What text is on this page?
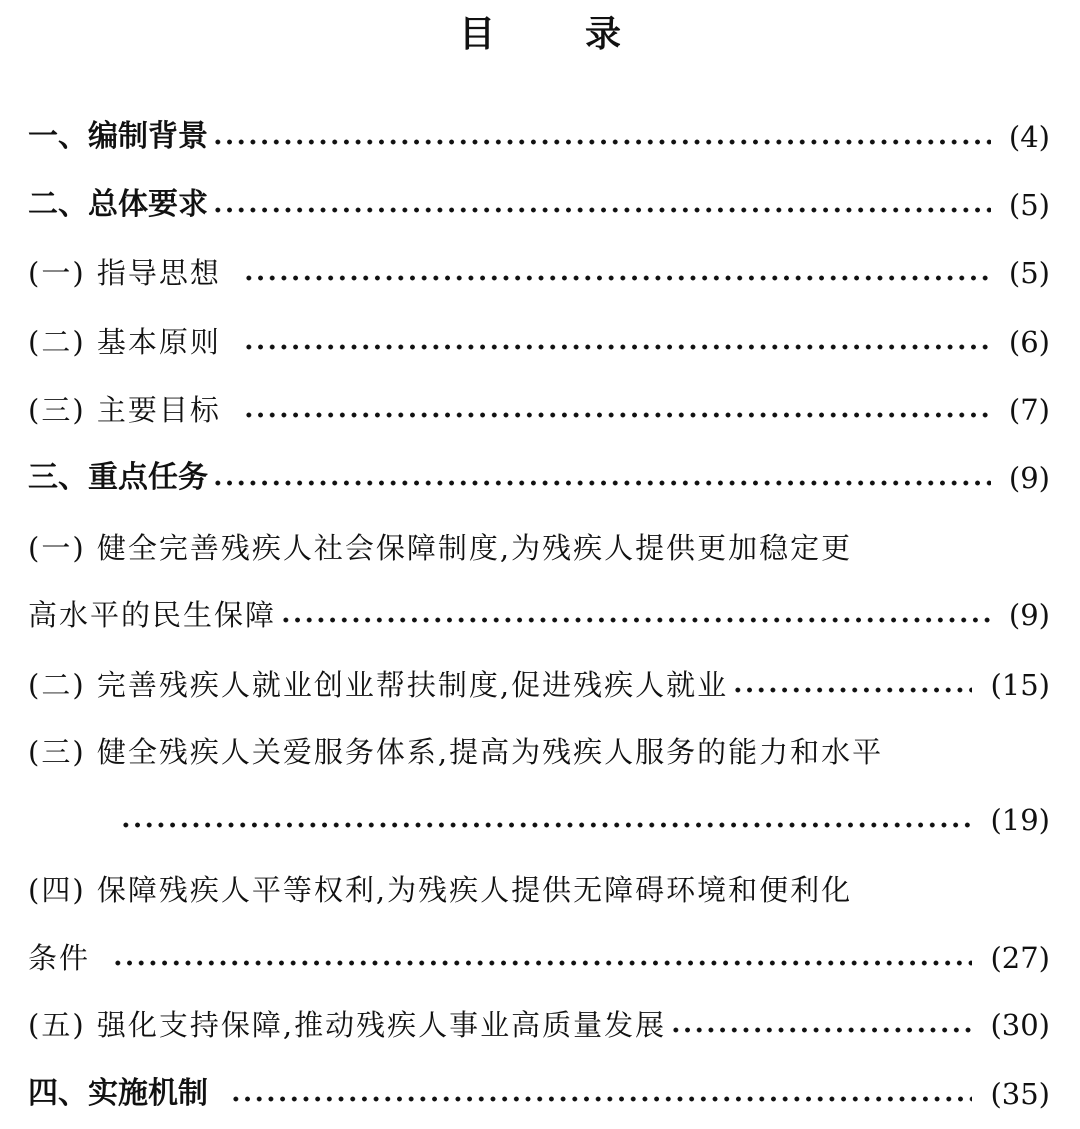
目	录
一、编制背景	(4)
二、总体要求	(5)
(一) 指导思想	(5)
(二) 基本原则	(6)
(三) 主要目标	(7)
三、重点任务	(9)
(一) 健全完善残疾人社会保障制度,为残疾人提供更加稳定更
高水平的民生保障	(9)
(二) 完善残疾人就业创业帮扶制度,促进残疾人就业	(15)
(三) 健全残疾人关爱服务体系,提高为残疾人服务的能力和水平
(19)
(四) 保障残疾人平等权利,为残疾人提供无障碍环境和便利化
条件	(27)
(五) 强化支持保障,推动残疾人事业高质量发展	(30)
四、实施机制	(35)
